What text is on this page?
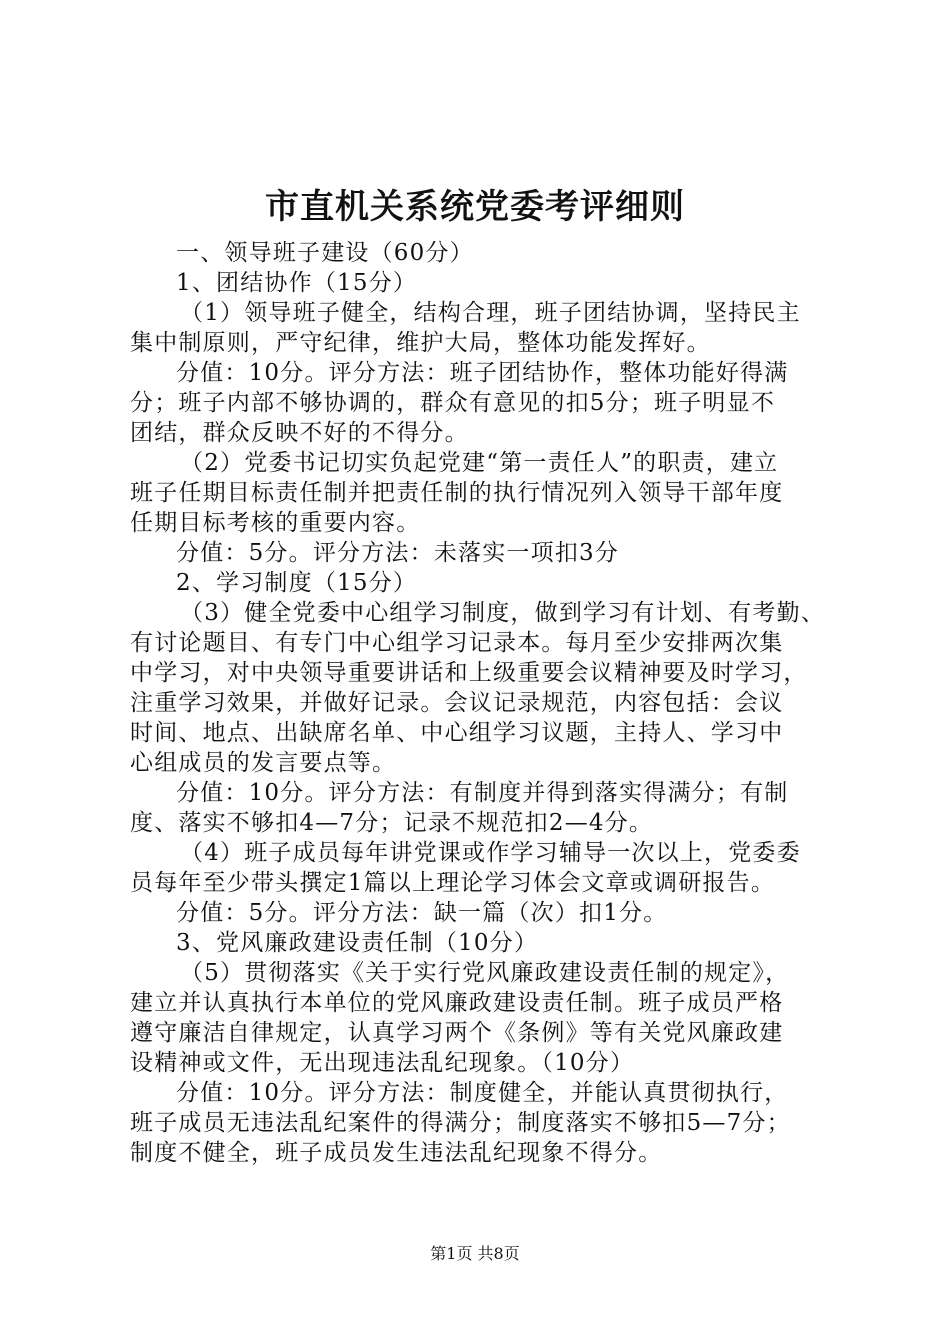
市直机关系统党委考评细则
一、领导班子建设（60分）
1、团结协作（15分）
（1）领导班子健全，结构合理，班子团结协调，坚持民主
集中制原则，严守纪律，维护大局，整体功能发挥好。
分值：10分。评分方法：班子团结协作，整体功能好得满
分；班子内部不够协调的，群众有意见的扣5分；班子明显不
团结，群众反映不好的不得分。
（2）党委书记切实负起党建“第一责任人”的职责，建立
班子任期目标责任制并把责任制的执行情况列入领导干部年度
任期目标考核的重要内容。
分值：5分。评分方法：未落实一项扣3分
2、学习制度（15分）
（3）健全党委中心组学习制度，做到学习有计划、有考勤、
有讨论题目、有专门中心组学习记录本。每月至少安排两次集
中学习，对中央领导重要讲话和上级重要会议精神要及时学习，
注重学习效果，并做好记录。会议记录规范，内容包括：会议
时间、地点、出缺席名单、中心组学习议题，主持人、学习中
心组成员的发言要点等。
分值：10分。评分方法：有制度并得到落实得满分；有制
度、落实不够扣4—7分；记录不规范扣2—4分。
（4）班子成员每年讲党课或作学习辅导一次以上，党委委
员每年至少带头撰定1篇以上理论学习体会文章或调研报告。
分值：5分。评分方法：缺一篇（次）扣1分。
3、党风廉政建设责任制（10分）
（5）贯彻落实《关于实行党风廉政建设责任制的规定》，
建立并认真执行本单位的党风廉政建设责任制。班子成员严格
遵守廉洁自律规定，认真学习两个《条例》等有关党风廉政建
设精神或文件，无出现违法乱纪现象。（10分）
分值：10分。评分方法：制度健全，并能认真贯彻执行，
班子成员无违法乱纪案件的得满分；制度落实不够扣5—7分；
制度不健全，班子成员发生违法乱纪现象不得分。
第1页 共8页
